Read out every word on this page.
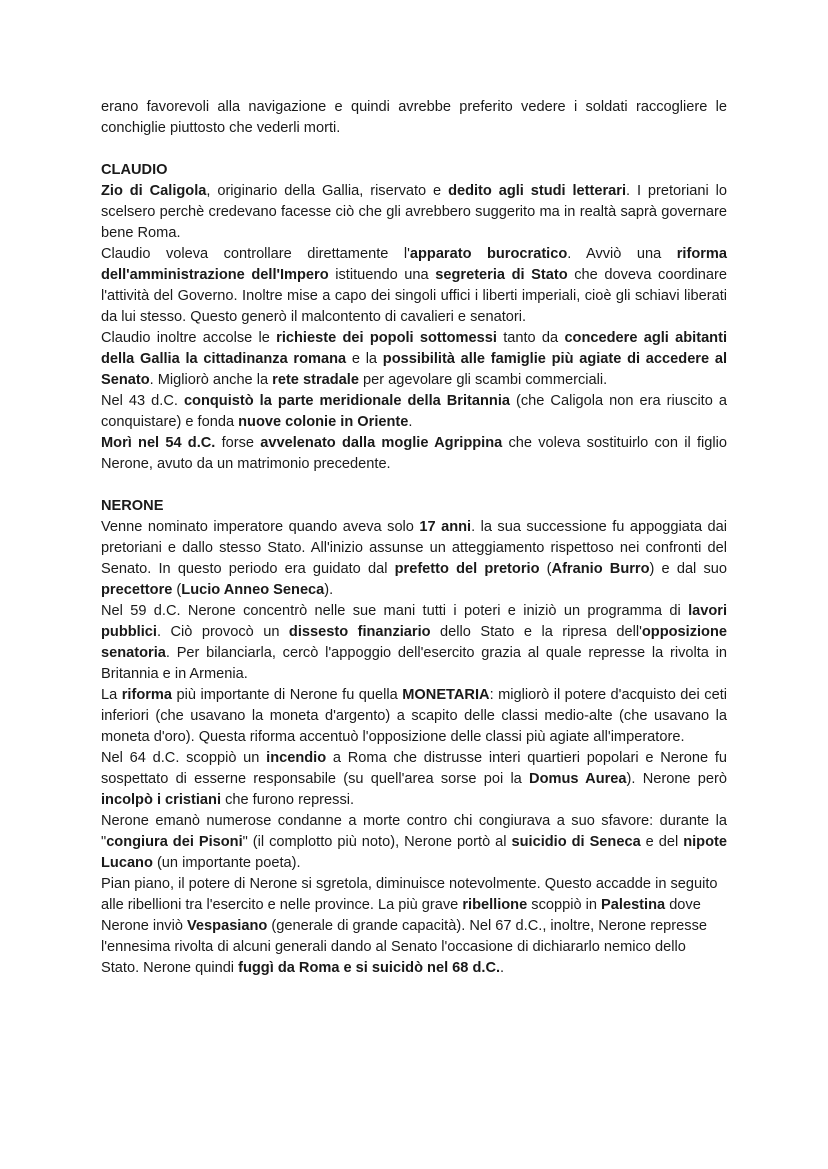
erano favorevoli alla navigazione e quindi avrebbe preferito vedere i soldati raccogliere le conchiglie piuttosto che vederli morti.

CLAUDIO

Zio di Caligola, originario della Gallia, riservato e dedito agli studi letterari. I pretoriani lo scelsero perchè credevano facesse ciò che gli avrebbero suggerito ma in realtà saprà governare bene Roma.

Claudio voleva controllare direttamente l'apparato burocratico. Avviò una riforma dell'amministrazione dell'Impero istituendo una segreteria di Stato che doveva coordinare l'attività del Governo. Inoltre mise a capo dei singoli uffici i liberti imperiali, cioè gli schiavi liberati da lui stesso. Questo generò il malcontento di cavalieri e senatori.

Claudio inoltre accolse le richieste dei popoli sottomessi tanto da concedere agli abitanti della Gallia la cittadinanza romana e la possibilità alle famiglie più agiate di accedere al Senato. Migliorò anche la rete stradale per agevolare gli scambi commerciali.

Nel 43 d.C. conquistò la parte meridionale della Britannia (che Caligola non era riuscito a conquistare) e fonda nuove colonie in Oriente.

Morì nel 54 d.C. forse avvelenato dalla moglie Agrippina che voleva sostituirlo con il figlio Nerone, avuto da un matrimonio precedente.

NERONE

Venne nominato imperatore quando aveva solo 17 anni. la sua successione fu appoggiata dai pretoriani e dallo stesso Stato. All'inizio assunse un atteggiamento rispettoso nei confronti del Senato. In questo periodo era guidato dal prefetto del pretorio (Afranio Burro) e dal suo precettore (Lucio Anneo Seneca).

Nel 59 d.C. Nerone concentrò nelle sue mani tutti i poteri e iniziò un programma di lavori pubblici. Ciò provocò un dissesto finanziario dello Stato e la ripresa dell'opposizione senatoria. Per bilanciarla, cercò l'appoggio dell'esercito grazia al quale represse la rivolta in Britannia e in Armenia.

La riforma più importante di Nerone fu quella MONETARIA: migliorò il potere d'acquisto dei ceti inferiori (che usavano la moneta d'argento) a scapito delle classi medio-alte (che usavano la moneta d'oro). Questa riforma accentuò l'opposizione delle classi più agiate all'imperatore.

Nel 64 d.C. scoppiò un incendio a Roma che distrusse interi quartieri popolari e Nerone fu sospettato di esserne responsabile (su quell'area sorse poi la Domus Aurea). Nerone però incolpò i cristiani che furono repressi.

Nerone emanò numerose condanne a morte contro chi congiurava a suo sfavore: durante la "congiura dei Pisoni" (il complotto più noto), Nerone portò al suicidio di Seneca e del nipote Lucano (un importante poeta).

Pian piano, il potere di Nerone si sgretola, diminuisce notevolmente. Questo accadde in seguito alle ribellioni tra l'esercito e nelle province. La più grave ribellione scoppiò in Palestina dove Nerone inviò Vespasiano (generale di grande capacità). Nel 67 d.C., inoltre, Nerone represse l'ennesima rivolta di alcuni generali dando al Senato l'occasione di dichiararlo nemico dello Stato. Nerone quindi fuggì da Roma e si suicidò nel 68 d.C..
